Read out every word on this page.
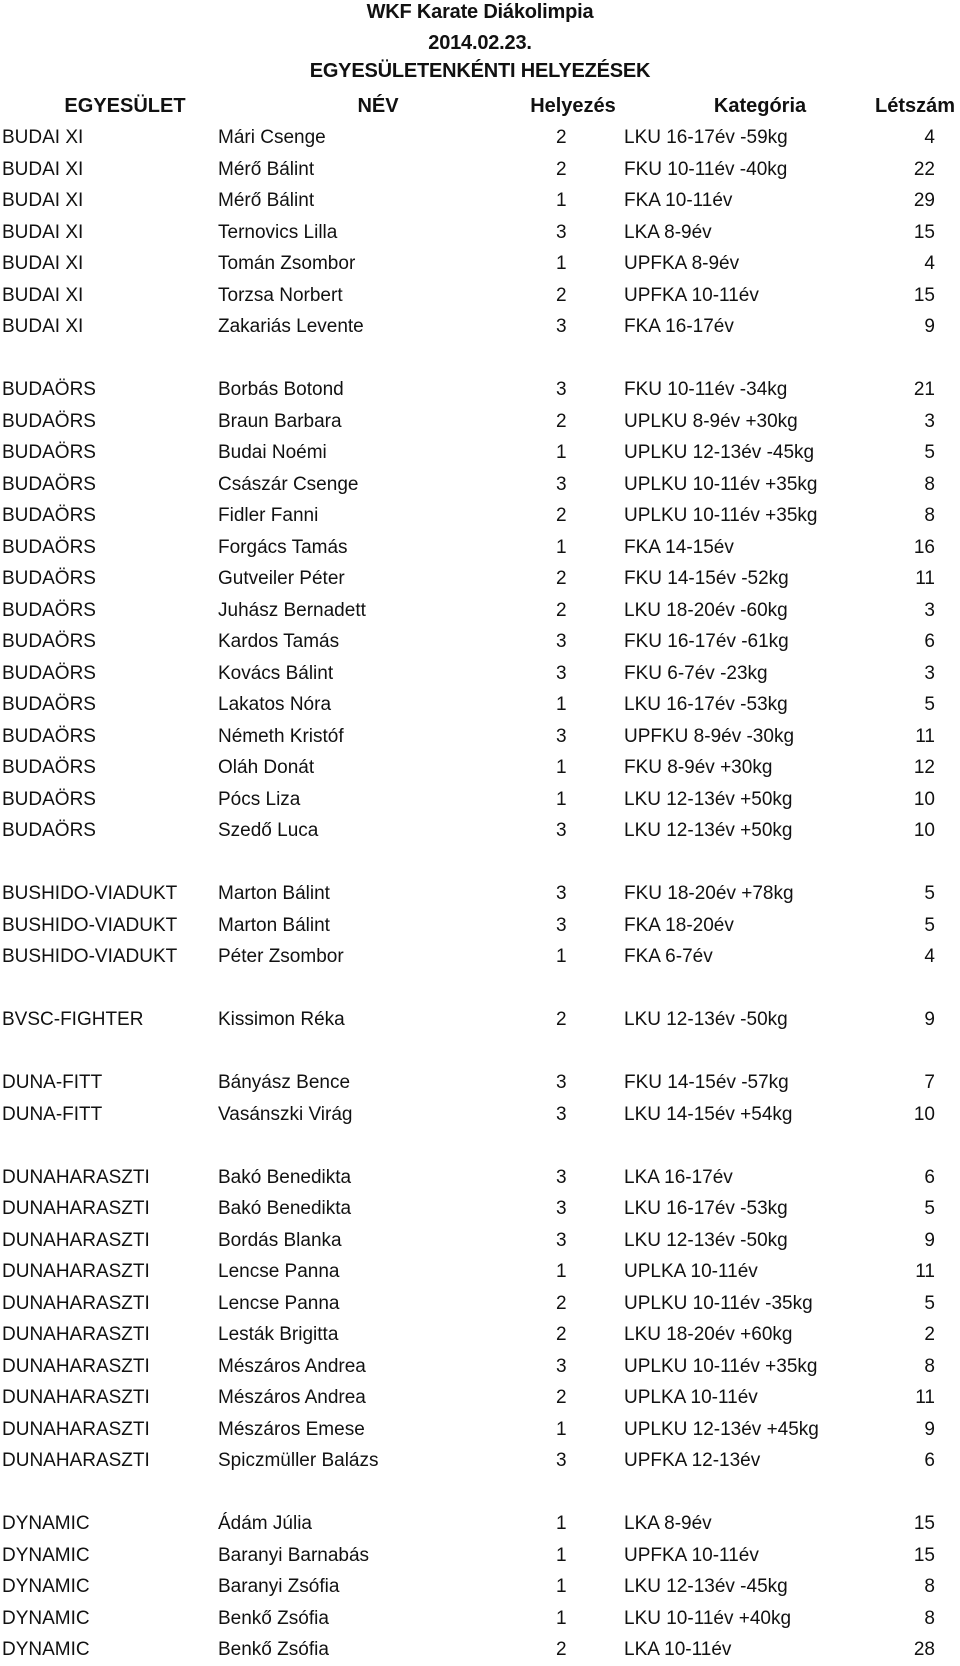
WKF Karate Diákolimpia
2014.02.23.
EGYESÜLETENKÉNTI HELYEZÉSEK
EGYESÜLET	NÉV	Helyezés	Kategória	Létszám
BUDAI XI	Mári Csenge	2	LKU 16-17év -59kg	4
BUDAI XI	Mérő Bálint	2	FKU 10-11év -40kg	22
BUDAI XI	Mérő Bálint	1	FKA 10-11év	29
BUDAI XI	Ternovics Lilla	3	LKA 8-9év	15
BUDAI XI	Tomán Zsombor	1	UPFKA 8-9év	4
BUDAI XI	Torzsa Norbert	2	UPFKA 10-11év	15
BUDAI XI	Zakariás Levente	3	FKA 16-17év	9
BUDAÖRS	Borbás Botond	3	FKU 10-11év -34kg	21
BUDAÖRS	Braun Barbara	2	UPLKU 8-9év +30kg	3
BUDAÖRS	Budai Noémi	1	UPLKU 12-13év -45kg	5
BUDAÖRS	Császár Csenge	3	UPLKU 10-11év +35kg	8
BUDAÖRS	Fidler Fanni	2	UPLKU 10-11év +35kg	8
BUDAÖRS	Forgács Tamás	1	FKA 14-15év	16
BUDAÖRS	Gutveiler Péter	2	FKU 14-15év -52kg	11
BUDAÖRS	Juhász Bernadett	2	LKU 18-20év -60kg	3
BUDAÖRS	Kardos Tamás	3	FKU 16-17év -61kg	6
BUDAÖRS	Kovács Bálint	3	FKU 6-7év -23kg	3
BUDAÖRS	Lakatos Nóra	1	LKU 16-17év -53kg	5
BUDAÖRS	Németh Kristóf	3	UPFKU 8-9év -30kg	11
BUDAÖRS	Oláh Donát	1	FKU 8-9év +30kg	12
BUDAÖRS	Pócs Liza	1	LKU 12-13év +50kg	10
BUDAÖRS	Szedő Luca	3	LKU 12-13év +50kg	10
BUSHIDO-VIADUKT Marton Bálint	3	FKU 18-20év +78kg	5
BUSHIDO-VIADUKT Marton Bálint	3	FKA 18-20év	5
BUSHIDO-VIADUKT Péter Zsombor	1	FKA 6-7év	4
BVSC-FIGHTER	Kissimon Réka	2	LKU 12-13év -50kg	9
DUNA-FITT	Bányász Bence	3	FKU 14-15év -57kg	7
DUNA-FITT	Vasánszki Virág	3	LKU 14-15év +54kg	10
DUNAHARASZTI	Bakó Benedikta	3	LKA 16-17év	6
DUNAHARASZTI	Bakó Benedikta	3	LKU 16-17év -53kg	5
DUNAHARASZTI	Bordás Blanka	3	LKU 12-13év -50kg	9
DUNAHARASZTI	Lencse Panna	1	UPLKA 10-11év	11
DUNAHARASZTI	Lencse Panna	2	UPLKU 10-11év -35kg	5
DUNAHARASZTI	Lesták Brigitta	2	LKU 18-20év +60kg	2
DUNAHARASZTI	Mészáros Andrea	3	UPLKU 10-11év +35kg	8
DUNAHARASZTI	Mészáros Andrea	2	UPLKA 10-11év	11
DUNAHARASZTI	Mészáros Emese	1	UPLKU 12-13év +45kg	9
DUNAHARASZTI	Spiczmüller Balázs	3	UPFKA 12-13év	6
DYNAMIC	Ádám Júlia	1	LKA 8-9év	15
DYNAMIC	Baranyi Barnabás	1	UPFKA 10-11év	15
DYNAMIC	Baranyi Zsófia	1	LKU 12-13év -45kg	8
DYNAMIC	Benkő Zsófia	1	LKU 10-11év +40kg	8
DYNAMIC	Benkő Zsófia	2	LKA 10-11év	28
